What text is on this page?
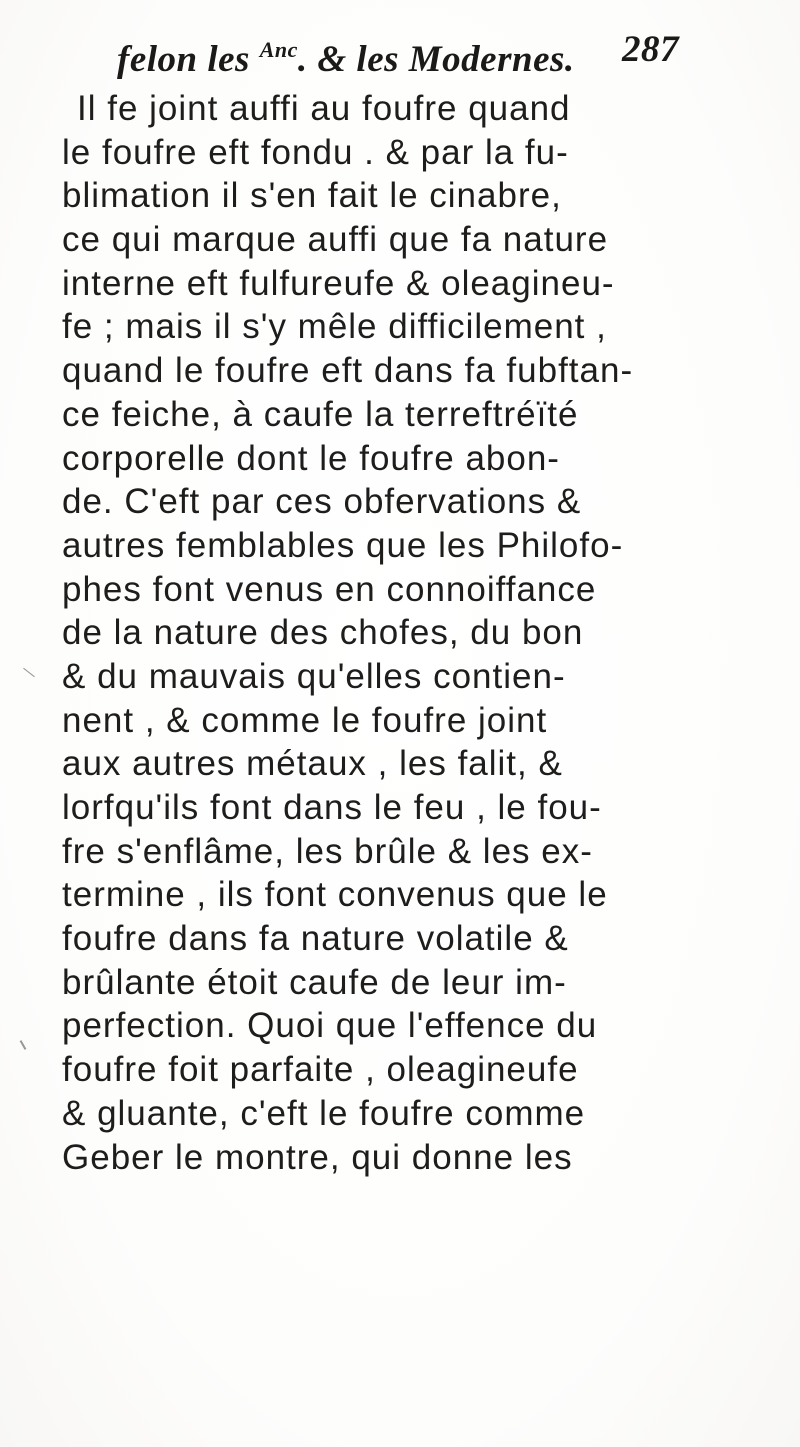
felon les $^{Anc}$. & les Modernes. 287
Il fe joint auffi au foufre quand
le foufre eft fondu . & par la fu-
blimation il s'en fait le cinabre,
ce qui marque auffi que fa nature
interne eft fulfureufe & oleagineu-
fe ; mais il s'y mêle difficilement ,
quand le foufre eft dans fa fubftan-
ce feiche, à caufe la terreftréïté
corporelle dont le foufre abon-
de. C'eft par ces obfervations &
autres femblables que les Philofo-
phes font venus en connoiffance
de la nature des chofes, du bon
& du mauvais qu'elles contien-
nent , & comme le foufre joint
aux autres métaux , les falit, &
lorfqu'ils font dans le feu , le fou-
fre s'enflâme, les brûle & les ex-
termine , ils font convenus que le
foufre dans fa nature volatile &
brûlante étoit caufe de leur im-
perfection. Quoi que l'effence du
foufre foit parfaite , oleagineufe
& gluante, c'eft le foufre comme
Geber le montre, qui donne les
